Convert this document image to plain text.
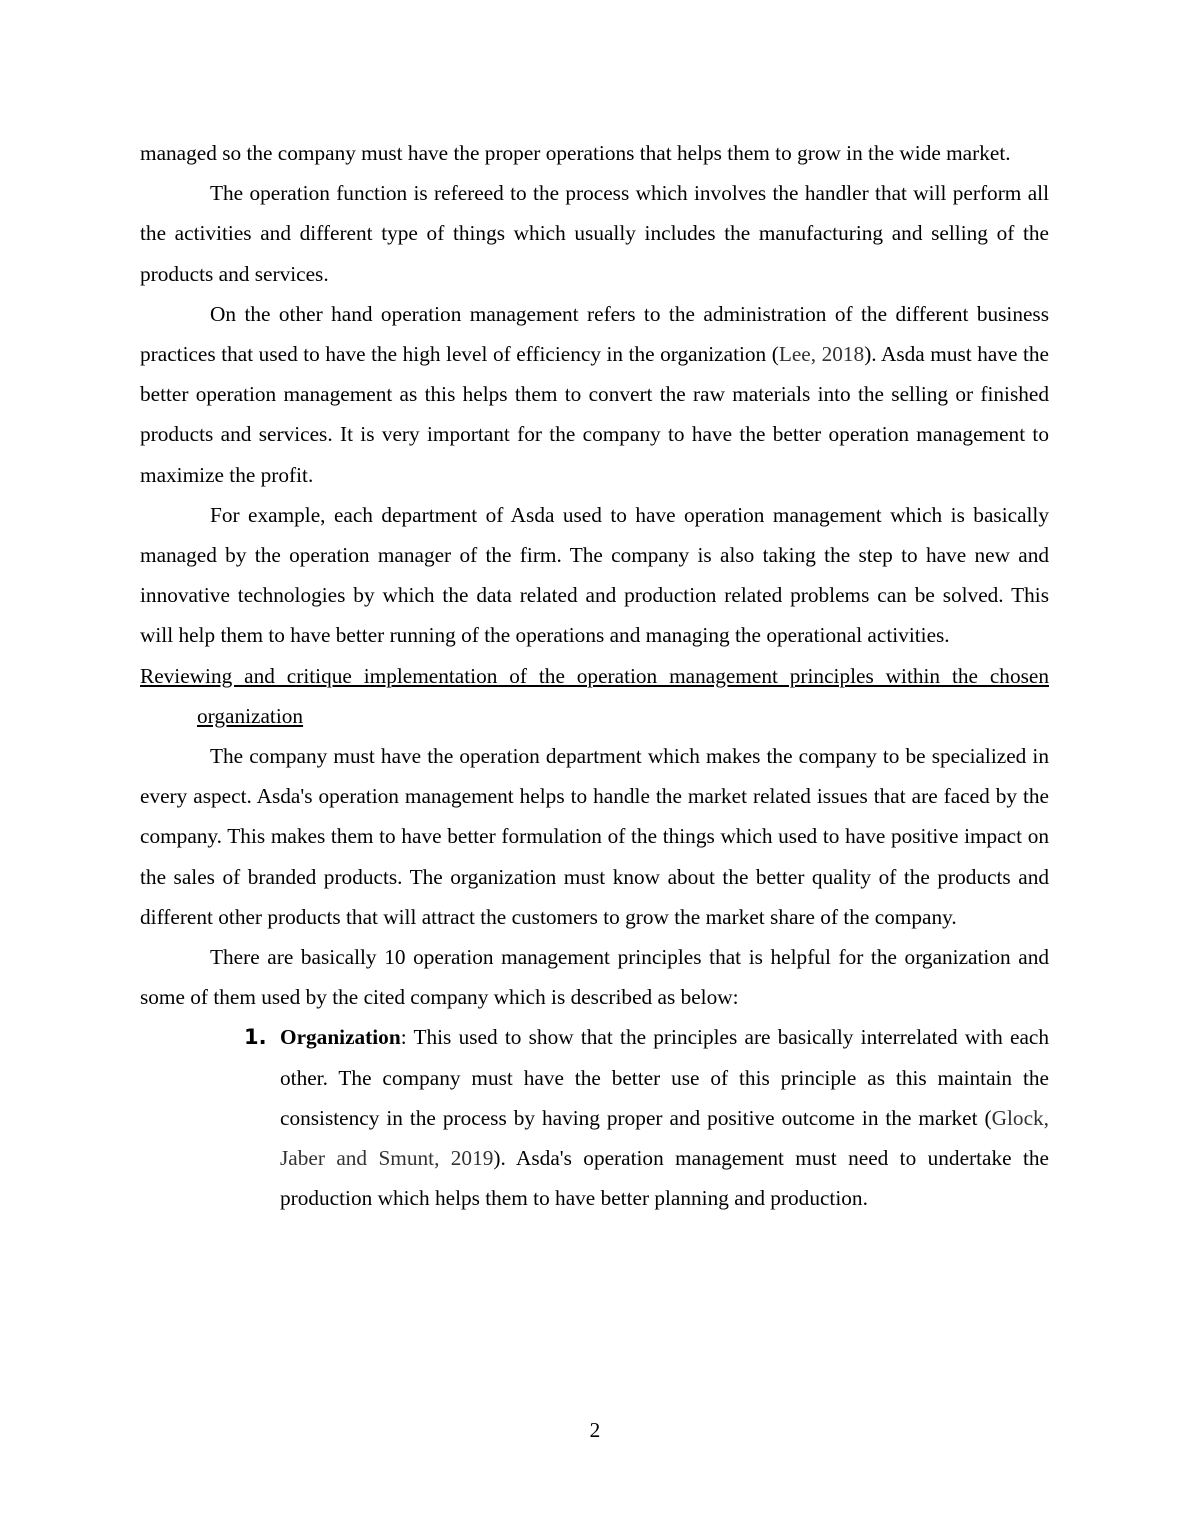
managed so the company must have the proper operations that helps them to grow in the wide market.

The operation function is refereed to the process which involves the handler that will perform all the activities and different type of things which usually includes the manufacturing and selling of the products and services.

On the other hand operation management refers to the administration of the different business practices that used to have the high level of efficiency in the organization (Lee, 2018). Asda must have the better operation management as this helps them to convert the raw materials into the selling or finished products and services. It is very important for the company to have the better operation management to maximize the profit.

For example, each department of Asda used to have operation management which is basically managed by the operation manager of the firm. The company is also taking the step to have new and innovative technologies by which the data related and production related problems can be solved. This will help them to have better running of the operations and managing the operational activities.

Reviewing and critique implementation of the operation management principles within the chosen organization

The company must have the operation department which makes the company to be specialized in every aspect. Asda's operation management helps to handle the market related issues that are faced by the company. This makes them to have better formulation of the things which used to have positive impact on the sales of branded products. The organization must know about the better quality of the products and different other products that will attract the customers to grow the market share of the company.

There are basically 10 operation management principles that is helpful for the organization and some of them used by the cited company which is described as below:

1. Organization: This used to show that the principles are basically interrelated with each other. The company must have the better use of this principle as this maintain the consistency in the process by having proper and positive outcome in the market (Glock, Jaber and Smunt, 2019). Asda's operation management must need to undertake the production which helps them to have better planning and production.
2
